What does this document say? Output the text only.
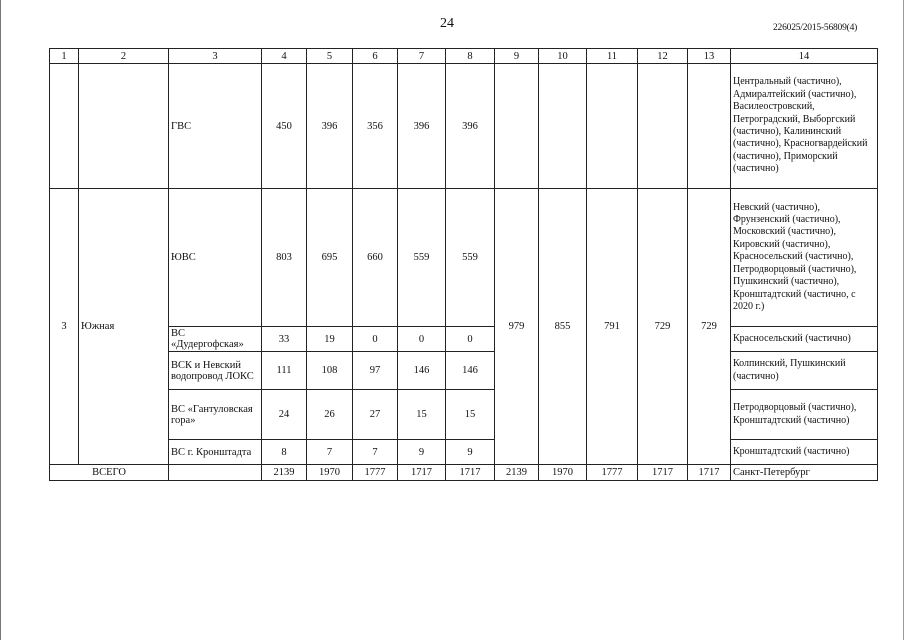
24	226025/2015-56809(4)
1	2	3	4	5	6	7	8	9	10	11	12	13	14
		ГВС	450	396	356	396	396						Центральный (частично), Адмиралтейский (частично), Василеостровский, Петроградский, Выборгский (частично), Калининский (частично), Красногвардейский (частично), Приморский (частично)
3	Южная	ЮВС	803	695	660	559	559	979	855	791	729	729	Невский (частично), Фрунзенский (частично), Московский (частично), Кировский (частично), Красносельский (частично), Петродворцовый (частично), Пушкинский (частично), Кронштадтский (частично, с 2020 г.)
		ВС «Дудергофская»	33	19	0	0	0						Красносельский (частично)
		ВСК и Невский водопровод ЛОКС	111	108	97	146	146						Колпинский, Пушкинский (частично)
		ВС «Гантуловская гора»	24	26	27	15	15						Петродворцовый (частично), Кронштадтский (частично)
		ВС г. Кронштадта	8	7	7	9	9						Кронштадтский (частично)
ВСЕГО			2139	1970	1777	1717	1717	2139	1970	1777	1717	1717	Санкт-Петербург
